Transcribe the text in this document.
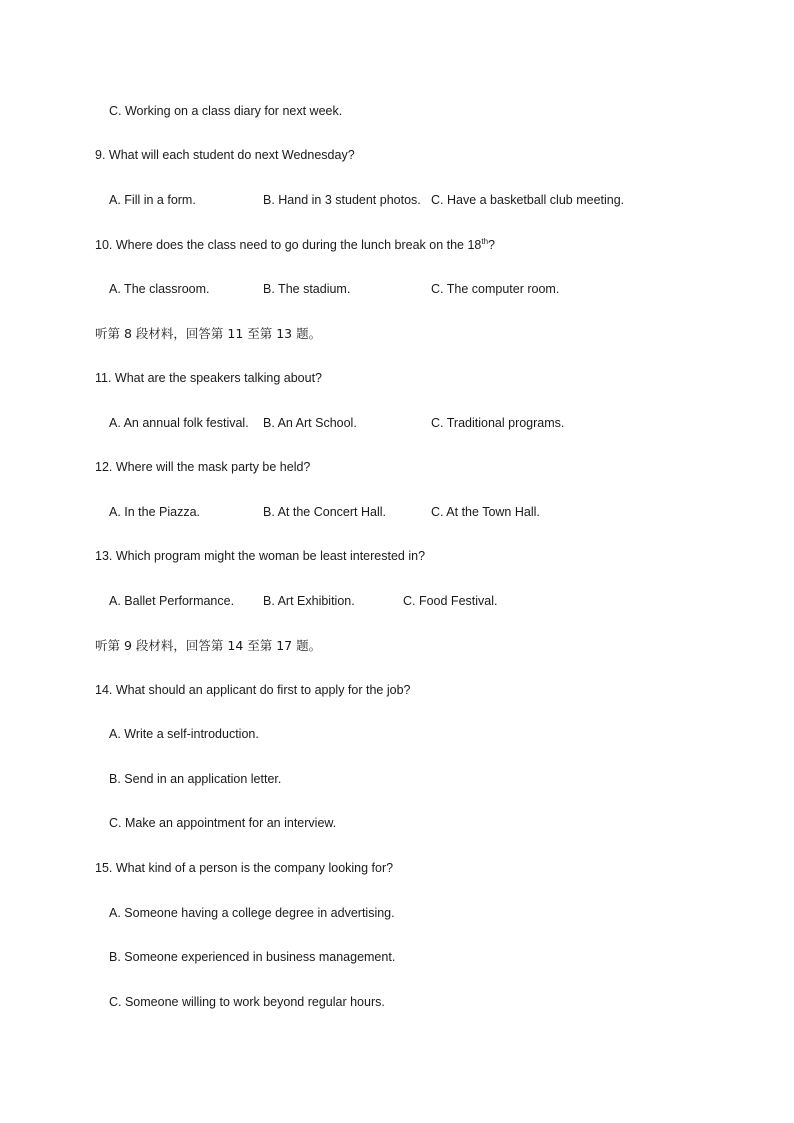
C. Working on a class diary for next week.
9. What will each student do next Wednesday?
A. Fill in a form.	B. Hand in 3 student photos. C. Have a basketball club meeting.
10. Where does the class need to go during the lunch break on the 18th?
A. The classroom.	B. The stadium.	C. The computer room.
听第 8 段材料，回答第 11 至第 13 题。
11. What are the speakers talking about?
A. An annual folk festival. B. An Art School.	C. Traditional programs.
12. Where will the mask party be held?
A. In the Piazza.	B. At the Concert Hall.	C. At the Town Hall.
13. Which program might the woman be least interested in?
A. Ballet Performance. B. Art Exhibition.	C. Food Festival.
听第 9 段材料，回答第 14 至第 17 题。
14. What should an applicant do first to apply for the job?
A. Write a self-introduction.
B. Send in an application letter.
C. Make an appointment for an interview.
15. What kind of a person is the company looking for?
A. Someone having a college degree in advertising.
B. Someone experienced in business management.
C. Someone willing to work beyond regular hours.
